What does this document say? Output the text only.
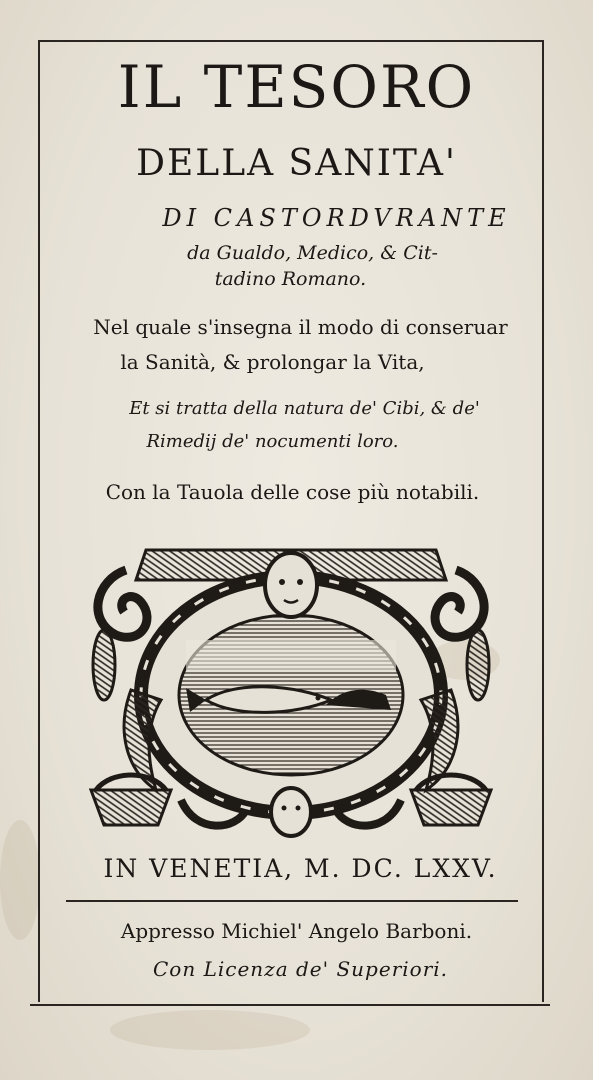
IL TESORO
DELLA SANITA'
DI CASTORDVRANTE
da Gualdo, Medico, & Cit-
tadino Romano.
Nel quale s'insegna il modo di conseruar
la Sanità, & prolongar la Vita,
Et si tratta della natura de' Cibi, & de'
Rimedij de' nocumenti loro.
Con la Tauola delle cose più notabili.
IN VENETIA, M. DC. LXXV.
Appresso Michiel' Angelo Barboni.
Con Licenza de' Superiori.
